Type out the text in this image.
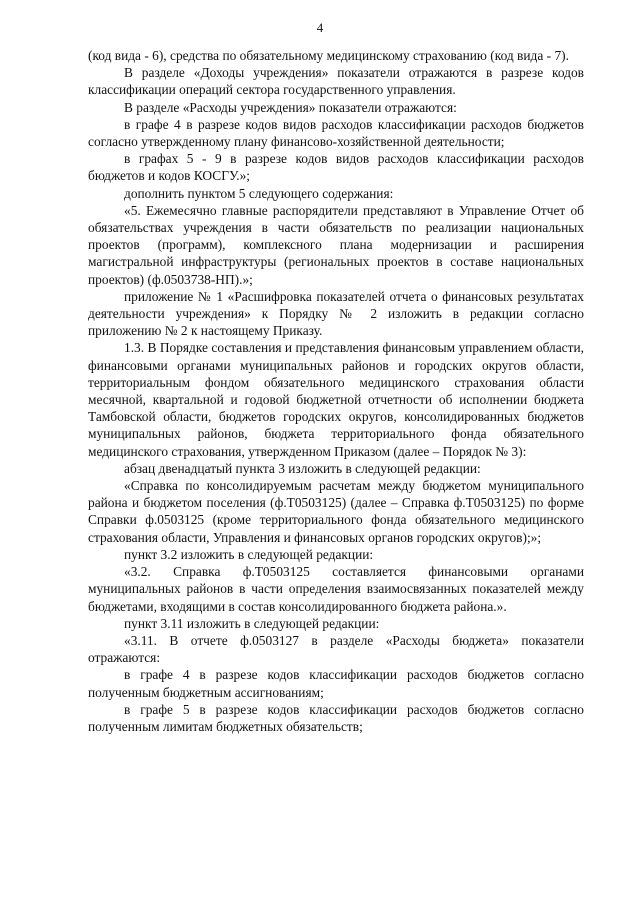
4

(код вида - 6), средства по обязательному медицинскому страхованию (код вида - 7).

В разделе «Доходы учреждения» показатели отражаются в разрезе кодов классификации операций сектора государственного управления.

В разделе «Расходы учреждения» показатели отражаются:

в графе 4 в разрезе кодов видов расходов классификации расходов бюджетов согласно утвержденному плану финансово-хозяйственной деятельности;

в графах 5 - 9 в разрезе кодов видов расходов классификации расходов бюджетов и кодов КОСГУ.»;

дополнить пунктом 5 следующего содержания:

«5. Ежемесячно главные распорядители представляют в Управление Отчет об обязательствах учреждения в части обязательств по реализации национальных проектов (программ), комплексного плана модернизации и расширения магистральной инфраструктуры (региональных проектов в составе национальных проектов) (ф.0503738-НП).»;

приложение № 1 «Расшифровка показателей отчета о финансовых результатах деятельности учреждения» к Порядку № 2 изложить в редакции согласно приложению № 2 к настоящему Приказу.

1.3. В Порядке составления и представления финансовым управлением области, финансовыми органами муниципальных районов и городских округов области, территориальным фондом обязательного медицинского страхования области месячной, квартальной и годовой бюджетной отчетности об исполнении бюджета Тамбовской области, бюджетов городских округов, консолидированных бюджетов муниципальных районов, бюджета территориального фонда обязательного медицинского страхования, утвержденном Приказом (далее – Порядок № 3):

абзац двенадцатый пункта 3 изложить в следующей редакции:

«Справка по консолидируемым расчетам между бюджетом муниципального района и бюджетом поселения (ф.Т0503125) (далее – Справка ф.Т0503125) по форме Справки ф.0503125 (кроме территориального фонда обязательного медицинского страхования области, Управления и финансовых органов городских округов);»;

пункт 3.2 изложить в следующей редакции:

«3.2. Справка ф.Т0503125 составляется финансовыми органами муниципальных районов в части определения взаимосвязанных показателей между бюджетами, входящими в состав консолидированного бюджета района.».

пункт 3.11 изложить в следующей редакции:

«3.11. В отчете ф.0503127 в разделе «Расходы бюджета» показатели отражаются:

в графе 4 в разрезе кодов классификации расходов бюджетов согласно полученным бюджетным ассигнованиям;

в графе 5 в разрезе кодов классификации расходов бюджетов согласно полученным лимитам бюджетных обязательств;
